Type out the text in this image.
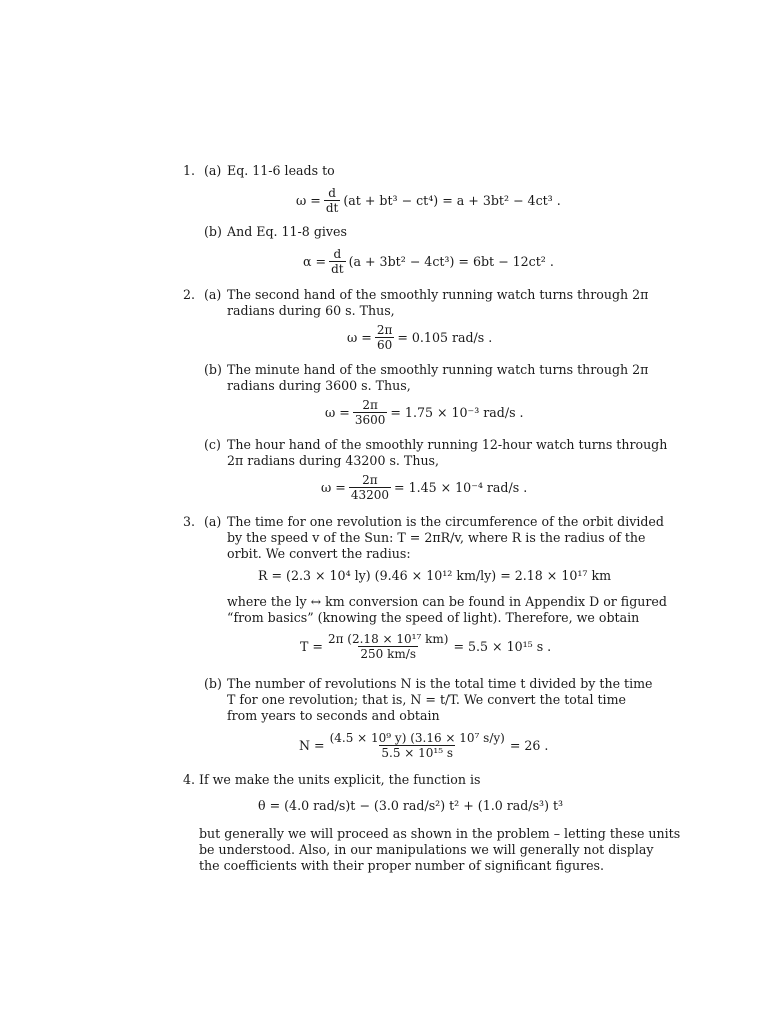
1. (a) Eq. 11-6 leads to
$\omega = \frac{d}{dt} (at + bt^3 - ct^4) = a + 3bt^2 - 4ct^3$ .
(b) And Eq. 11-8 gives
$\alpha = \frac{d}{dt} (a + 3bt^2 - 4ct^3) = 6bt - 12ct^2$ .
2. (a) The second hand of the smoothly running watch turns through 2π
radians during 60 s. Thus,
$\omega = \frac{2\pi}{60} = 0.105$ rad/s .
(b) The minute hand of the smoothly running watch turns through 2π
radians during 3600 s. Thus,
$\omega = \frac{2\pi}{3600} = 1.75 \times 10^{-3}$ rad/s .
(c) The hour hand of the smoothly running 12-hour watch turns through
2π radians during 43200 s. Thus,
$\omega = \frac{2\pi}{43200} = 1.45 \times 10^{-4}$ rad/s .
3. (a) The time for one revolution is the circumference of the orbit divided
by the speed v of the Sun: T = 2πR/v, where R is the radius of the
orbit. We convert the radius:
R = (2.3 × 10⁴ ly) (9.46 × 10¹² km/ly) = 2.18 × 10¹⁷ km
where the ly ↔ km conversion can be found in Appendix D or figured
“from basics” (knowing the speed of light). Therefore, we obtain
$T = \frac{\text{2π (2.18 × 10¹⁷ km)}}{250 km/s} = 5.5 \times 10^{15}$ s .
(b) The number of revolutions N is the total time t divided by the time
T for one revolution; that is, N = t/T. We convert the total time
from years to seconds and obtain
$N = \frac{\text{(4.5 × 10⁹ y) (3.16 × 10⁷ s/y)}}{\text{5.5 × 10¹⁵ s}} = 26$ .
4. If we make the units explicit, the function is
θ = (4.0 rad/s)t − (3.0 rad/s²) t² + (1.0 rad/s³) t³
but generally we will proceed as shown in the problem – letting these units
be understood. Also, in our manipulations we will generally not display
the coefficients with their proper number of significant figures.
